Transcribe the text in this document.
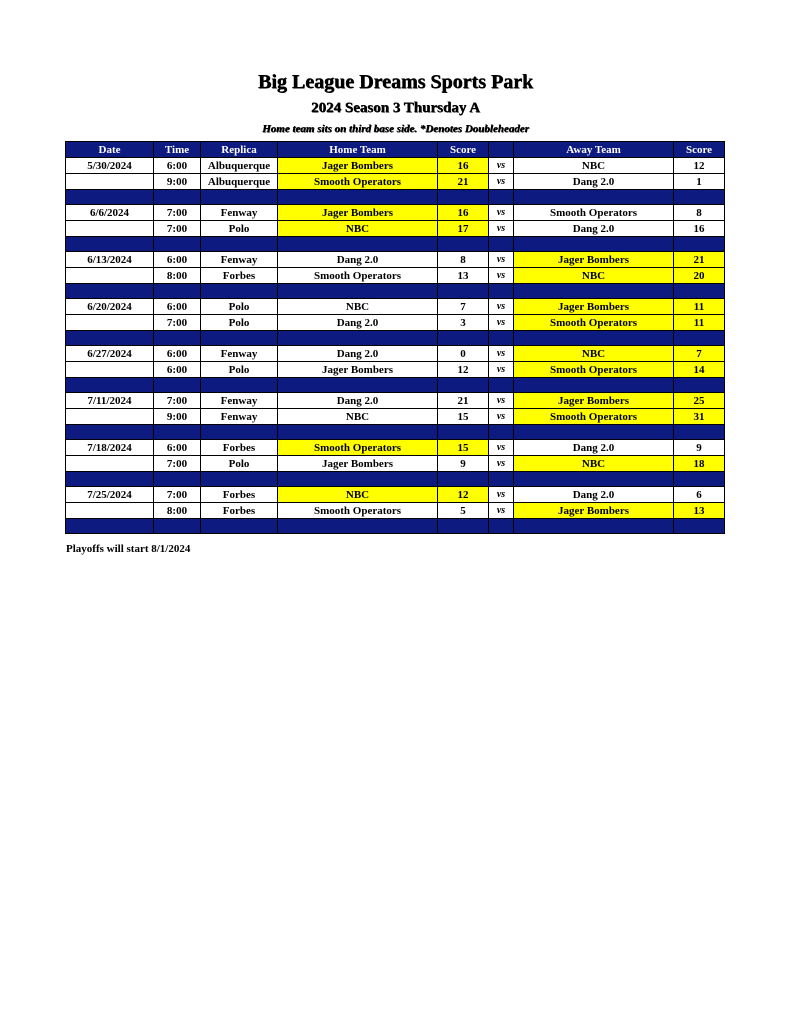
Big League Dreams Sports Park
2024 Season 3 Thursday A
Home team sits on third base side. *Denotes Doubleheader
Date	Time	Replica	Home Team	Score		Away Team	Score
5/30/2024	6:00	Albuquerque	Jager Bombers	16	vs	NBC	12
	9:00	Albuquerque	Smooth Operators	21	vs	Dang 2.0	1

6/6/2024	7:00	Fenway	Jager Bombers	16	vs	Smooth Operators	8
	7:00	Polo	NBC	17	vs	Dang 2.0	16

6/13/2024	6:00	Fenway	Dang 2.0	8	vs	Jager Bombers	21
	8:00	Forbes	Smooth Operators	13	vs	NBC	20

6/20/2024	6:00	Polo	NBC	7	vs	Jager Bombers	11
	7:00	Polo	Dang 2.0	3	vs	Smooth Operators	11

6/27/2024	6:00	Fenway	Dang 2.0	0	vs	NBC	7
	6:00	Polo	Jager Bombers	12	vs	Smooth Operators	14

7/11/2024	7:00	Fenway	Dang 2.0	21	vs	Jager Bombers	25
	9:00	Fenway	NBC	15	vs	Smooth Operators	31

7/18/2024	6:00	Forbes	Smooth Operators	15	vs	Dang 2.0	9
	7:00	Polo	Jager Bombers	9	vs	NBC	18

7/25/2024	7:00	Forbes	NBC	12	vs	Dang 2.0	6
	8:00	Forbes	Smooth Operators	5	vs	Jager Bombers	13

Playoffs will start 8/1/2024
